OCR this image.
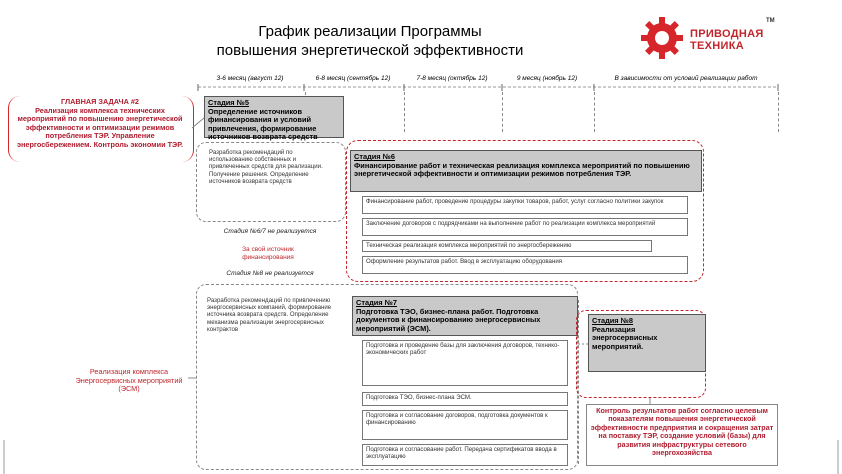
График реализации Программы
повышения энергетической эффективности
ПРИВОДНАЯ
ТЕХНИКА
TM
3-6 месяц (август 12)	6-8 месяц (сентябрь 12)	7-8 месяц (октябрь 12)	9 месяц (ноябрь 12)	В зависимости от условий реализации работ
ГЛАВНАЯ ЗАДАЧА #2
Реализация комплекса технических мероприятий по повышению энергетической эффективности и оптимизации режимов потребления ТЭР. Управление энергосбережением. Контроль экономии ТЭР.
Реализация комплекса Энергосервисных мероприятий (ЭСМ)
Стадия №5
Определение источников финансирования и условий привлечения, формирование источников возврата средств
Разработка рекомендаций по использованию собственных и привлеченных средств для реализации. Получение решения. Определение источников возврата средств
Стадия №6/7 не реализуется
За свой источник финансирования
Стадия №8 не реализуется
Стадия №6
Финансирование работ и техническая реализация комплекса мероприятий по повышению энергетической эффективности и оптимизации режимов потребления ТЭР.
Финансирование работ, проведение процедуры закупки товаров, работ, услуг согласно политики закупок
Заключение договоров с подрядчиками на выполнение работ по реализации комплекса мероприятий
Техническая реализация комплекса мероприятий по энергосбережению
Оформление результатов работ. Ввод в эксплуатацию оборудования
Разработка рекомендаций по привлечению энергосервисных компаний, формирование источника возврата средств. Определение механизма реализации энергосервисных контрактов
Стадия №7
Подготовка ТЭО, бизнес-плана работ. Подготовка документов к финансированию энергосервисных мероприятий (ЭСМ).
Подготовка и проведение базы для заключения договоров, технико-экономических работ
Подготовка ТЭО, бизнес-плана ЭСМ.
Подготовка и согласование договоров, подготовка документов к финансированию
Подготовка и согласование работ. Передача сертификатов ввода в эксплуатацию
Стадия №8
Реализация энергосервисных мероприятий.
Контроль результатов работ согласно целевым показателям повышения энергетической эффективности предприятия и сокращения затрат на поставку ТЭР, создание условий (базы) для развития инфраструктуры сетевого энергохозяйства
